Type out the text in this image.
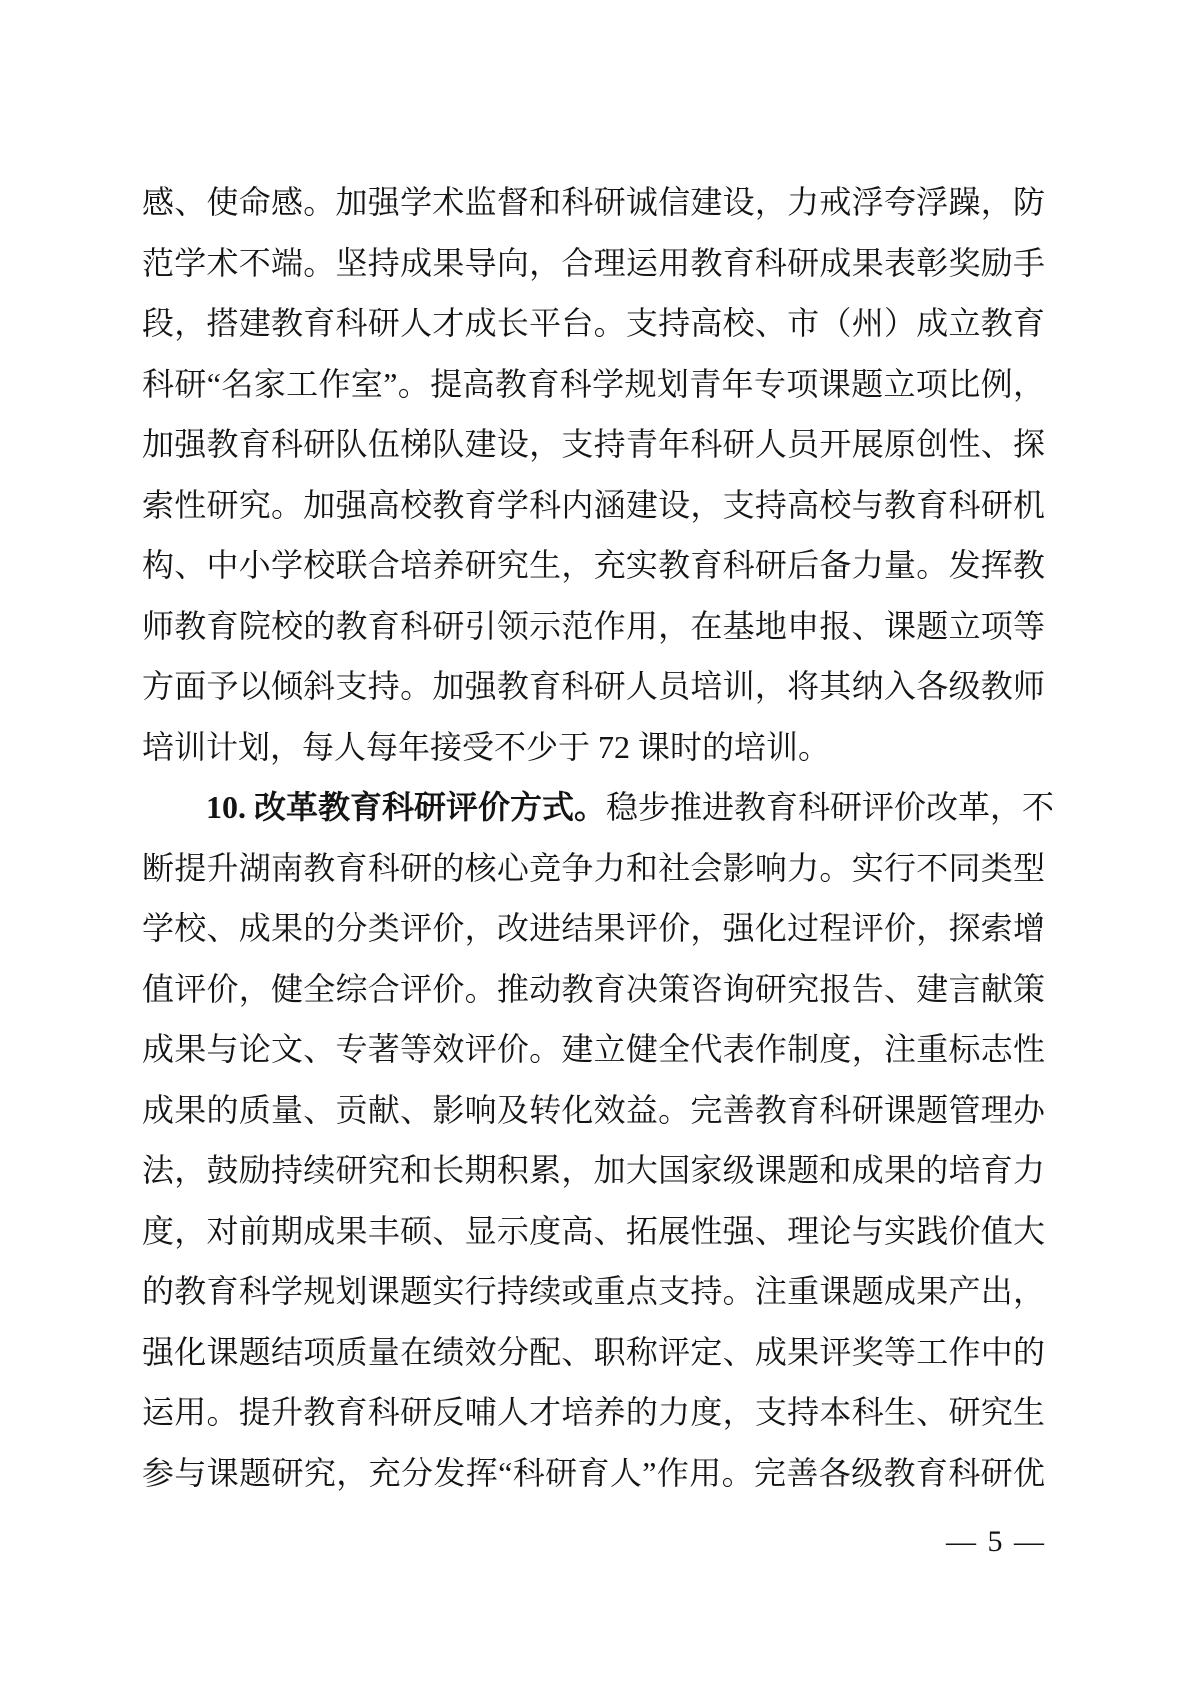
感、使命感。加强学术监督和科研诚信建设，力戒浮夸浮躁，防
范学术不端。坚持成果导向，合理运用教育科研成果表彰奖励手
段，搭建教育科研人才成长平台。支持高校、市（州）成立教育
科研“名家工作室”。提高教育科学规划青年专项课题立项比例，
加强教育科研队伍梯队建设，支持青年科研人员开展原创性、探
索性研究。加强高校教育学科内涵建设，支持高校与教育科研机
构、中小学校联合培养研究生，充实教育科研后备力量。发挥教
师教育院校的教育科研引领示范作用，在基地申报、课题立项等
方面予以倾斜支持。加强教育科研人员培训，将其纳入各级教师
培训计划，每人每年接受不少于 72 课时的培训。
10. 改革教育科研评价方式。稳步推进教育科研评价改革，不
断提升湖南教育科研的核心竞争力和社会影响力。实行不同类型
学校、成果的分类评价，改进结果评价，强化过程评价，探索增
值评价，健全综合评价。推动教育决策咨询研究报告、建言献策
成果与论文、专著等效评价。建立健全代表作制度，注重标志性
成果的质量、贡献、影响及转化效益。完善教育科研课题管理办
法，鼓励持续研究和长期积累，加大国家级课题和成果的培育力
度，对前期成果丰硕、显示度高、拓展性强、理论与实践价值大
的教育科学规划课题实行持续或重点支持。注重课题成果产出，
强化课题结项质量在绩效分配、职称评定、成果评奖等工作中的
运用。提升教育科研反哺人才培养的力度，支持本科生、研究生
参与课题研究，充分发挥“科研育人”作用。完善各级教育科研优
— 5 —
